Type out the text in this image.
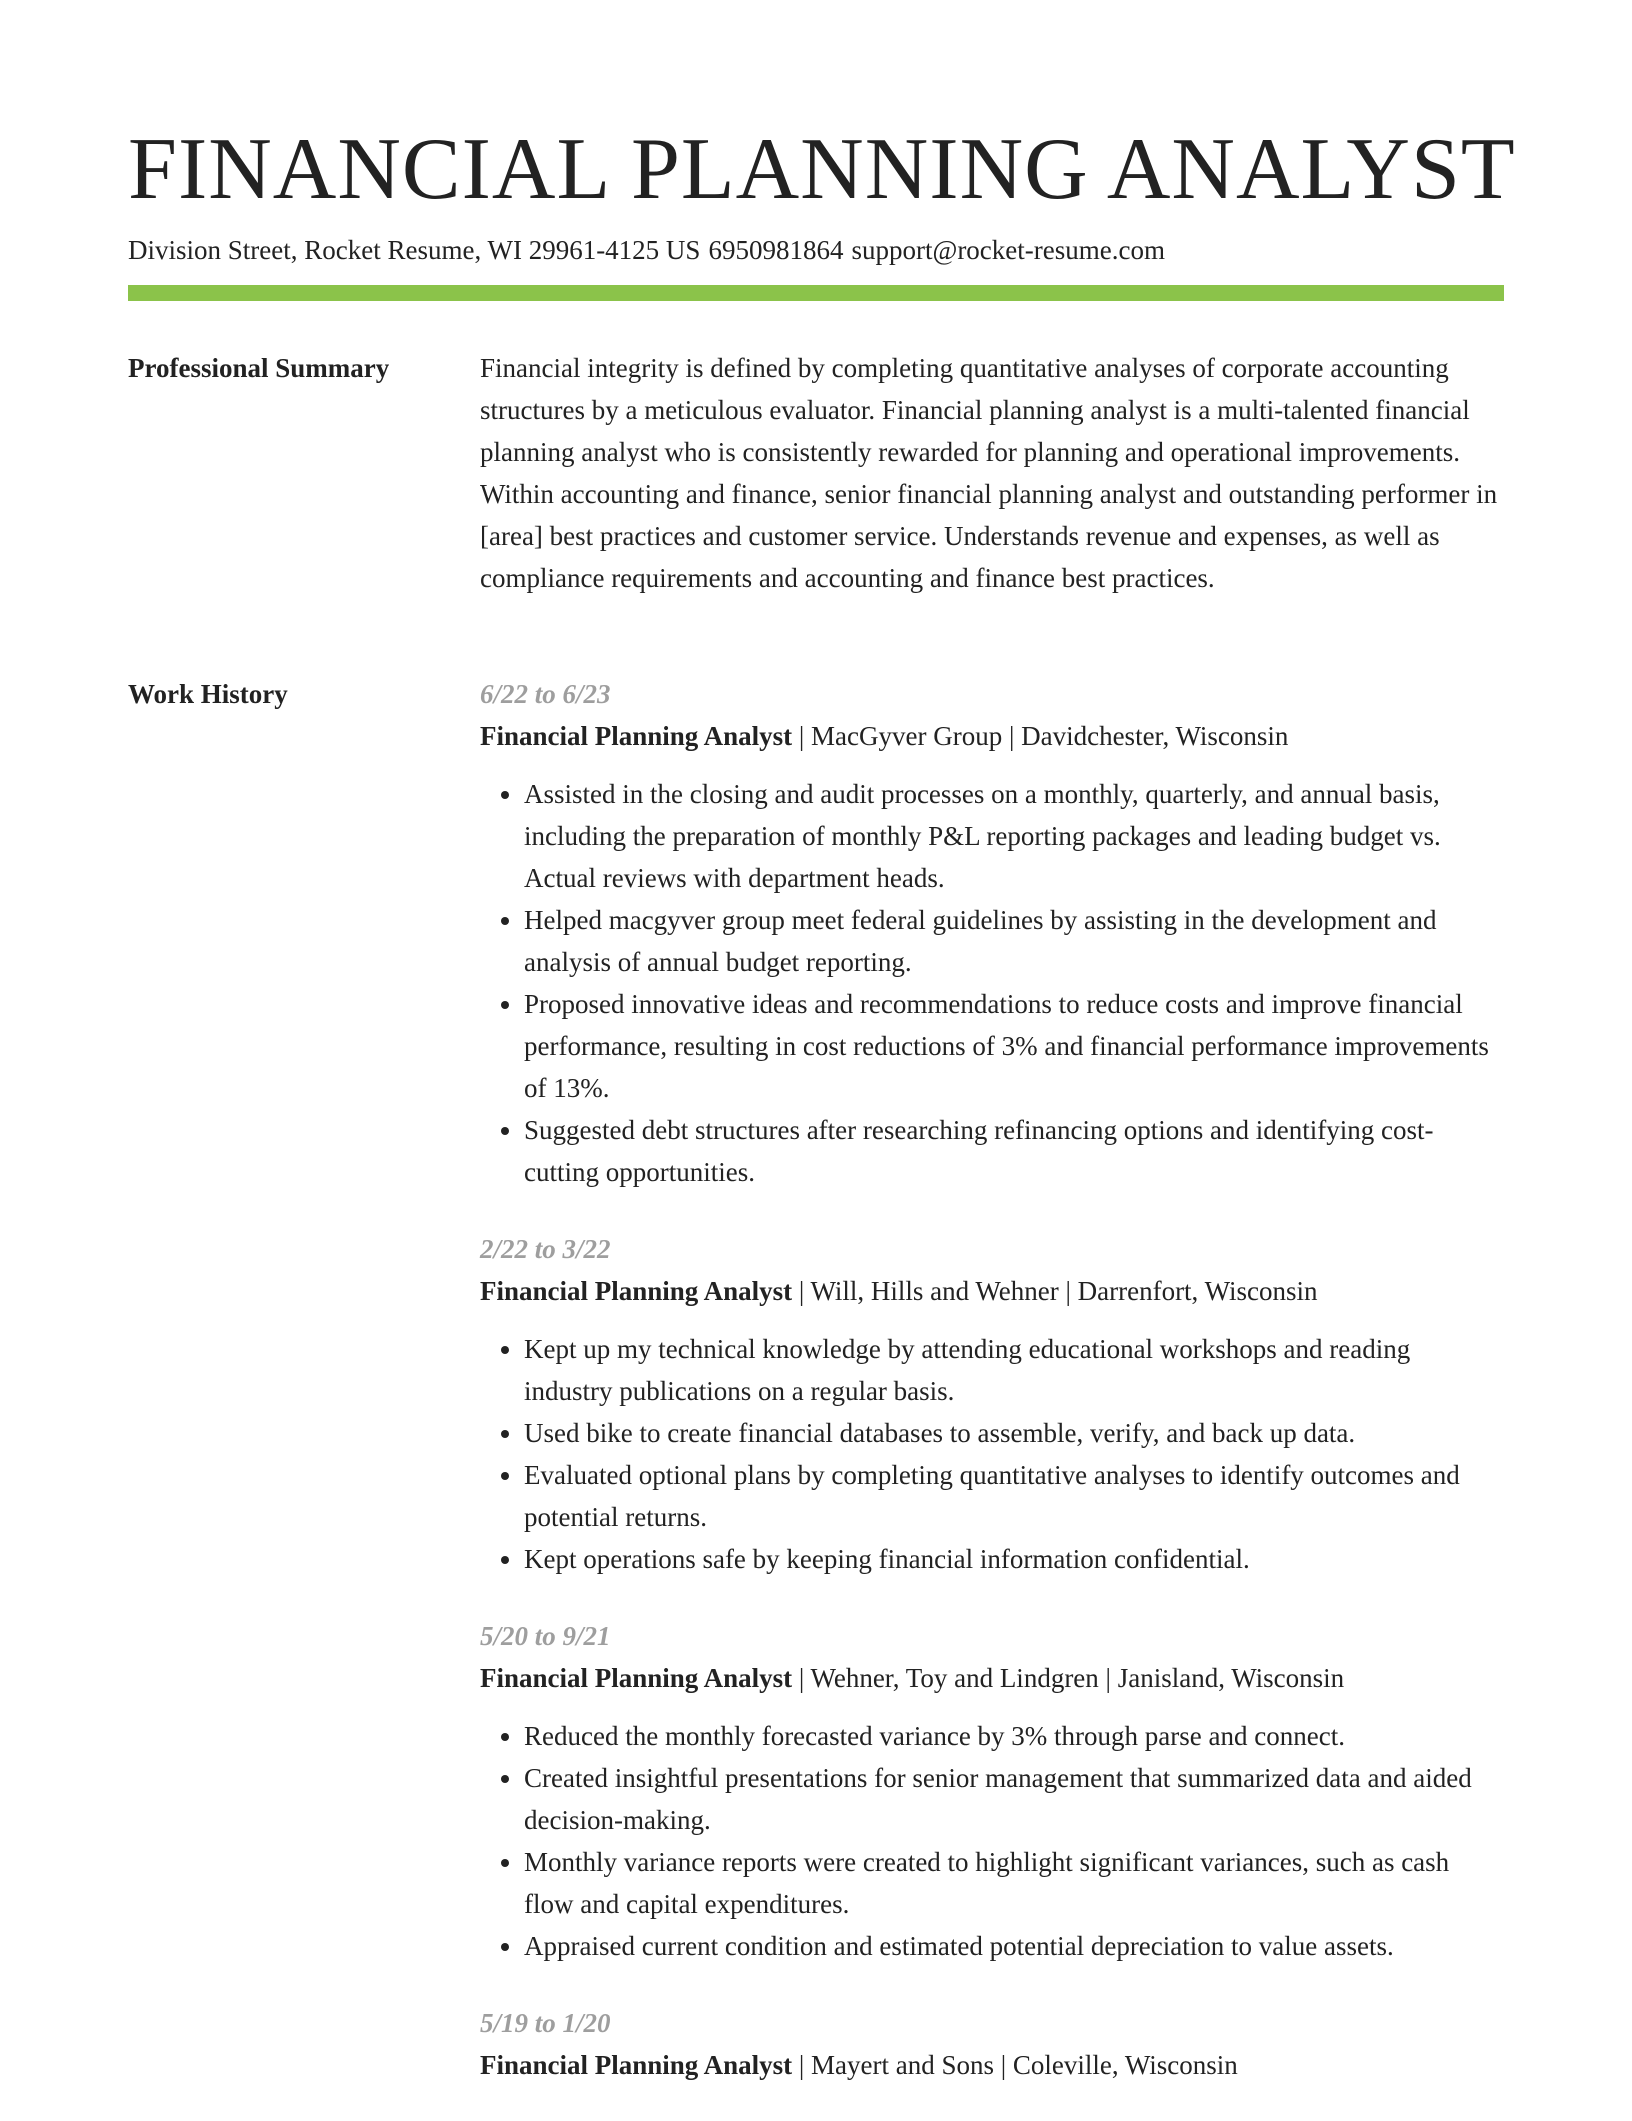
FINANCIAL PLANNING ANALYST
Division Street, Rocket Resume, WI 29961-4125 US 6950981864 support@rocket-resume.com
Professional Summary	Financial integrity is defined by completing quantitative analyses of corporate accounting structures by a meticulous evaluator. Financial planning analyst is a multi-talented financial planning analyst who is consistently rewarded for planning and operational improvements. Within accounting and finance, senior financial planning analyst and outstanding performer in [area] best practices and customer service. Understands revenue and expenses, as well as compliance requirements and accounting and finance best practices.

Work History	6/22 to 6/23
Financial Planning Analyst | MacGyver Group | Davidchester, Wisconsin
• Assisted in the closing and audit processes on a monthly, quarterly, and annual basis, including the preparation of monthly P&L reporting packages and leading budget vs. Actual reviews with department heads.
• Helped macgyver group meet federal guidelines by assisting in the development and analysis of annual budget reporting.
• Proposed innovative ideas and recommendations to reduce costs and improve financial performance, resulting in cost reductions of 3% and financial performance improvements of 13%.
• Suggested debt structures after researching refinancing options and identifying cost-cutting opportunities.
2/22 to 3/22
Financial Planning Analyst | Will, Hills and Wehner | Darrenfort, Wisconsin
• Kept up my technical knowledge by attending educational workshops and reading industry publications on a regular basis.
• Used bike to create financial databases to assemble, verify, and back up data.
• Evaluated optional plans by completing quantitative analyses to identify outcomes and potential returns.
• Kept operations safe by keeping financial information confidential.
5/20 to 9/21
Financial Planning Analyst | Wehner, Toy and Lindgren | Janisland, Wisconsin
• Reduced the monthly forecasted variance by 3% through parse and connect.
• Created insightful presentations for senior management that summarized data and aided decision-making.
• Monthly variance reports were created to highlight significant variances, such as cash flow and capital expenditures.
• Appraised current condition and estimated potential depreciation to value assets.
5/19 to 1/20
Financial Planning Analyst | Mayert and Sons | Coleville, Wisconsin
